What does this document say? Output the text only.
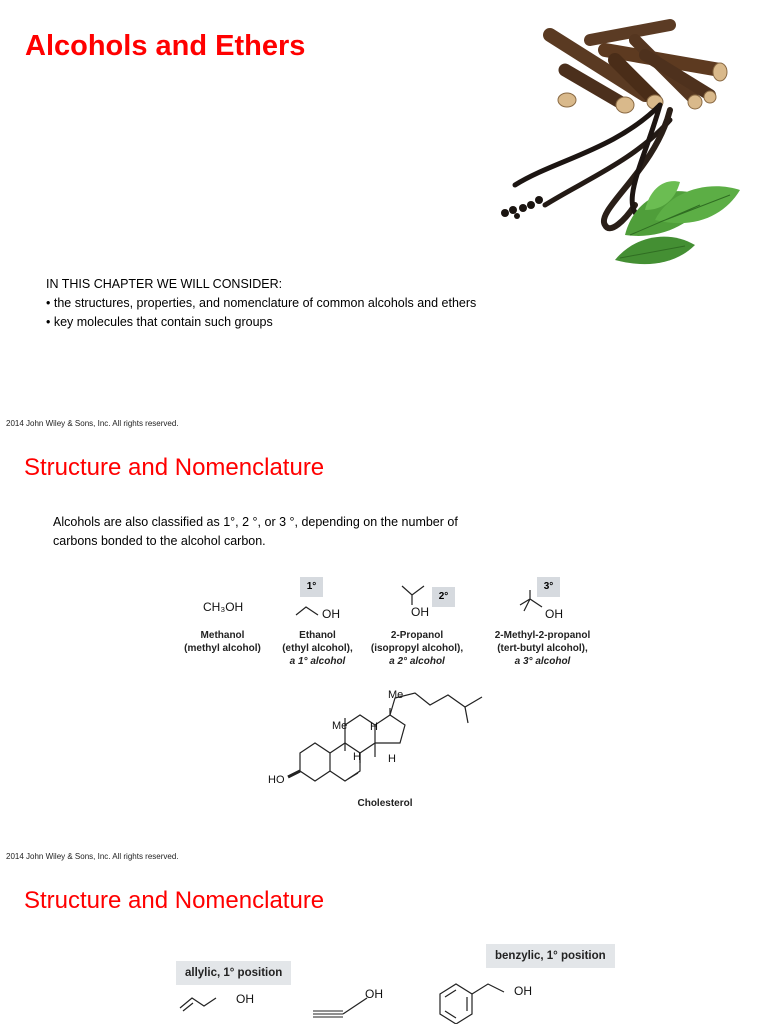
Alcohols and Ethers
IN THIS CHAPTER WE WILL CONSIDER:
• the structures, properties, and nomenclature of common alcohols and ethers
• key molecules that contain such groups
2014 John Wiley & Sons, Inc. All rights reserved.
Structure and Nomenclature
Alcohols are also classified as 1°, 2 °, or 3 °, depending on the number of
carbons bonded to the alcohol carbon.
CH₃OH
Methanol
(methyl alcohol)
1°
OH
Ethanol
(ethyl alcohol),
a 1° alcohol
2°
OH
2-Propanol
(isopropyl alcohol),
a 2° alcohol
3°
OH
2-Methyl-2-propanol
(tert-butyl alcohol),
a 3° alcohol
Me
Me H
H H
HO
Cholesterol
2014 John Wiley & Sons, Inc. All rights reserved.
Structure and Nomenclature
allylic, 1° position
benzylic, 1° position
OH	OH	OH
